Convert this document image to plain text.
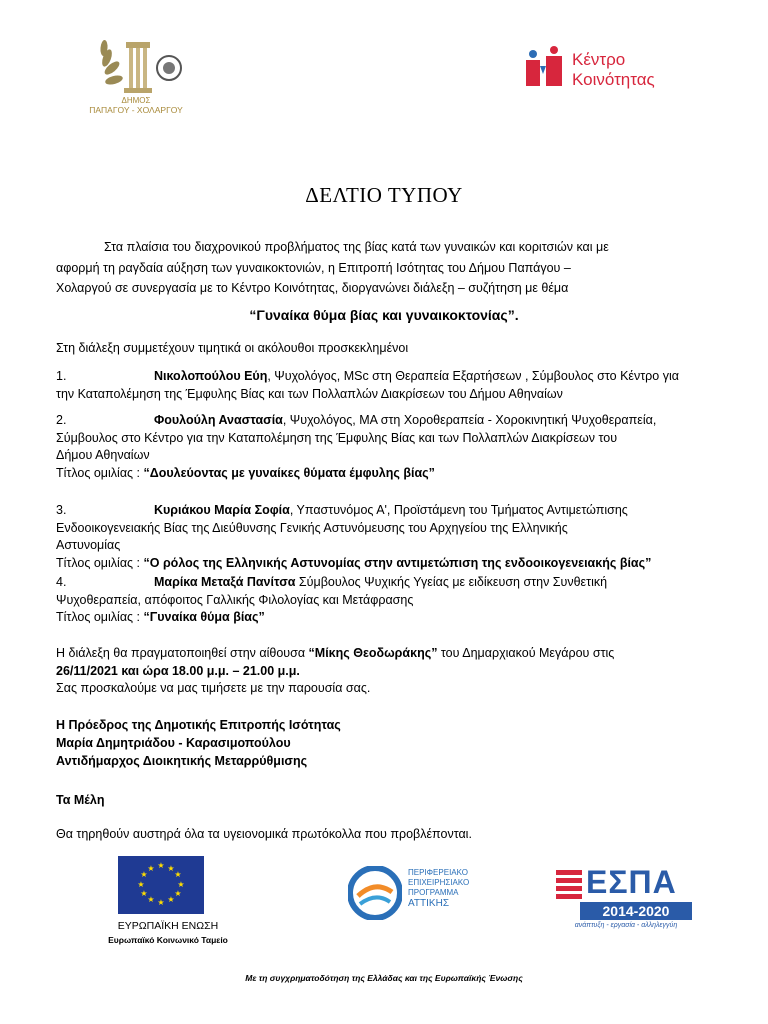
ΔΗΜΟΣ
ΠΑΠΑΓΟΥ - ΧΟΛΑΡΓΟΥ
Κέντρο
Κοινότητας
ΔΕΛΤΙΟ ΤΥΠΟΥ
Στα πλαίσια του διαχρονικού προβλήματος της βίας κατά των γυναικών και κοριτσιών και με
αφορμή τη ραγδαία αύξηση των γυναικοκτονιών, η Επιτροπή Ισότητας του Δήμου Παπάγου –
Χολαργού σε συνεργασία με το Κέντρο Κοινότητας, διοργανώνει διάλεξη – συζήτηση με θέμα
“Γυναίκα θύμα βίας και γυναικοκτονίας”.
Στη διάλεξη συμμετέχουν τιμητικά οι ακόλουθοι προσκεκλημένοι
1.	Νικολοπούλου Εύη, Ψυχολόγος, MSc στη Θεραπεία Εξαρτήσεων , Σύμβουλος στο Κέντρο για
την Καταπολέμηση της Έμφυλης Βίας και των Πολλαπλών Διακρίσεων του Δήμου Αθηναίων
2.	Φουλούλη Αναστασία, Ψυχολόγος, ΜΑ στη Χοροθεραπεία - Χοροκινητική Ψυχοθεραπεία,
Σύμβουλος στο Κέντρο για την Καταπολέμηση της Έμφυλης Βίας και των Πολλαπλών Διακρίσεων του
Δήμου Αθηναίων
Τίτλος ομιλίας : “Δουλεύοντας με γυναίκες θύματα έμφυλης βίας”
3.	Κυριάκου Μαρία Σοφία, Υπαστυνόμος Α', Προϊστάμενη του Τμήματος Αντιμετώπισης
Ενδοοικογενειακής Βίας της Διεύθυνσης Γενικής Αστυνόμευσης του Αρχηγείου της Ελληνικής
Αστυνομίας
Τίτλος ομιλίας : “Ο ρόλος της Ελληνικής Αστυνομίας στην αντιμετώπιση της ενδοοικογενειακής βίας”
4.	Μαρίκα Μεταξά Πανίτσα Σύμβουλος Ψυχικής Υγείας με ειδίκευση στην Συνθετική
Ψυχοθεραπεία, απόφοιτος Γαλλικής Φιλολογίας και Μετάφρασης
Τίτλος ομιλίας : “Γυναίκα θύμα βίας”
Η διάλεξη θα πραγματοποιηθεί στην αίθουσα “Μίκης Θεοδωράκης” του Δημαρχιακού Μεγάρου στις
26/11/2021 και ώρα 18.00 μ.μ. – 21.00 μ.μ.
Σας προσκαλούμε να μας τιμήσετε με την παρουσία σας.
Η Πρόεδρος της Δημοτικής Επιτροπής Ισότητας
Μαρία Δημητριάδου - Καρασιμοπούλου
Αντιδήμαρχος Διοικητικής Μεταρρύθμισης
Τα Μέλη
Θα τηρηθούν αυστηρά όλα τα υγειονομικά πρωτόκολλα που προβλέπονται.
★ ★
★
★
★
★
★
★
★
★
★
★
ΕΥΡΩΠΑΪΚΗ ΕΝΩΣΗ
Ευρωπαϊκό Κοινωνικό Ταμείο
ΠΕΡΙΦΕΡΕΙΑΚΟ
ΕΠΙΧΕΙΡΗΣΙΑΚΟ
ΠΡΟΓΡΑΜΜΑ
ΑΤΤΙΚΗΣ
ΕΣΠΑ
2014-2020
ανάπτυξη - εργασία - αλληλεγγύη
Με τη συγχρηματοδότηση της Ελλάδας και της Ευρωπαϊκής Ένωσης
